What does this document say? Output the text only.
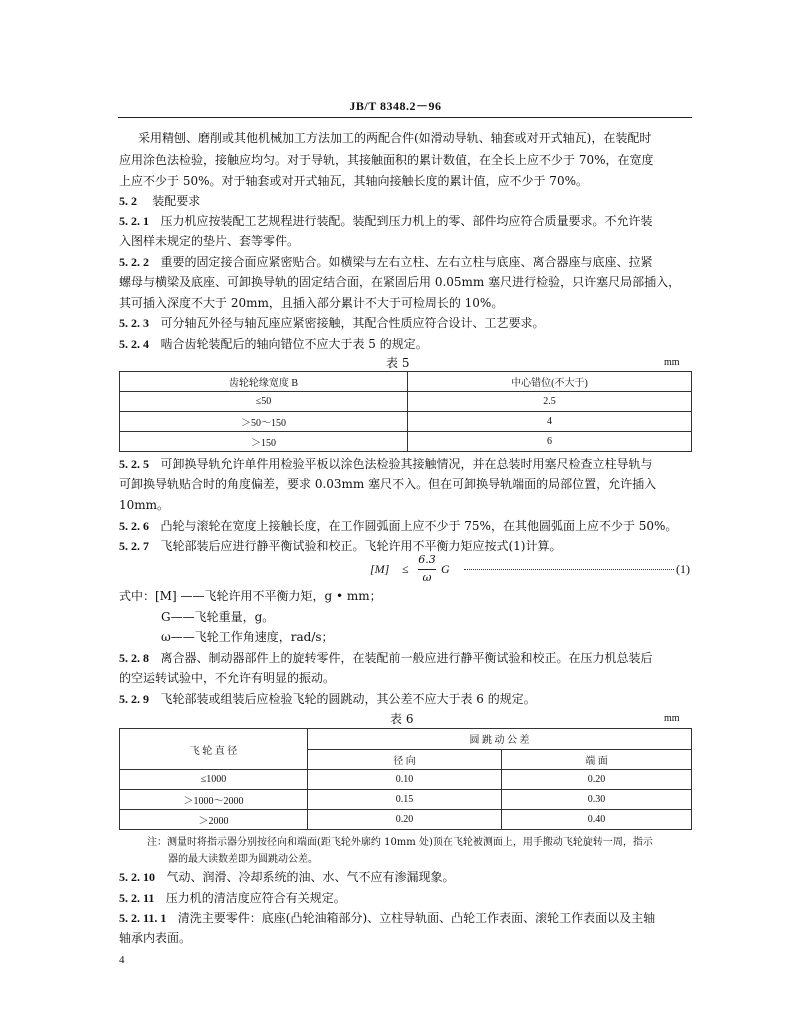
JB/T 8348.2－96
采用精刨、磨削或其他机械加工方法加工的两配合件(如滑动导轨、轴套或对开式轴瓦)，在装配时
应用涂色法检验，接触应均匀。对于导轨，其接触面积的累计数值，在全长上应不少于 70%，在宽度
上应不少于 50%。对于轴套或对开式轴瓦，其轴向接触长度的累计值，应不少于 70%。
5. 2 装配要求
5. 2. 1 压力机应按装配工艺规程进行装配。装配到压力机上的零、部件均应符合质量要求。不允许装
入图样未规定的垫片、套等零件。
5. 2. 2 重要的固定接合面应紧密贴合。如横梁与左右立柱、左右立柱与底座、离合器座与底座、拉紧
螺母与横梁及底座、可卸换导轨的固定结合面，在紧固后用 0.05mm 塞尺进行检验，只许塞尺局部插入，
其可插入深度不大于 20mm，且插入部分累计不大于可检周长的 10%。
5. 2. 3 可分轴瓦外径与轴瓦座应紧密接触，其配合性质应符合设计、工艺要求。
5. 2. 4 啮合齿轮装配后的轴向错位不应大于表 5 的规定。
表 5	mm
齿轮轮缘宽度 B	中心错位(不大于)
≤50	2.5
＞50～150	4
＞150	6
5. 2. 5 可卸换导轨允许单件用检验平板以涂色法检验其接触情况，并在总装时用塞尺检查立柱导轨与
可卸换导轨贴合时的角度偏差，要求 0.03mm 塞尺不入。但在可卸换导轨端面的局部位置，允许插入
10mm。
5. 2. 6 凸轮与滚轮在宽度上接触长度，在工作圆弧面上应不少于 75%，在其他圆弧面上应不少于 50%。
5. 2. 7 飞轮部装后应进行静平衡试验和校正。飞轮许用不平衡力矩应按式(1)计算。
[M] ≤
6.3
ω
G	(1)
式中：[M] ——飞轮许用不平衡力矩，g • mm；
G——飞轮重量，g。
ω——飞轮工作角速度，rad/s；
5. 2. 8 离合器、制动器部件上的旋转零件，在装配前一般应进行静平衡试验和校正。在压力机总装后
的空运转试验中，不允许有明显的振动。
5. 2. 9 飞轮部装或组装后应检验飞轮的圆跳动，其公差不应大于表 6 的规定。
表 6	mm
飞 轮 直 径	圆 跳 动 公 差	
	径 向	端 面
≤1000	0.10	0.20
＞1000～2000	0.15	0.30
＞2000	0.20	0.40
注：测量时将指示器分别按径向和端面(距飞轮外廓约 10mm 处)顶在飞轮被测面上，用手搬动飞轮旋转一周，指示
器的最大读数差即为圆跳动公差。
5. 2. 10 气动、润滑、冷却系统的油、水、气不应有渗漏现象。
5. 2. 11 压力机的清洁度应符合有关规定。
5. 2. 11. 1 清洗主要零件：底座(凸轮油箱部分)、立柱导轨面、凸轮工作表面、滚轮工作表面以及主轴
轴承内表面。
4
